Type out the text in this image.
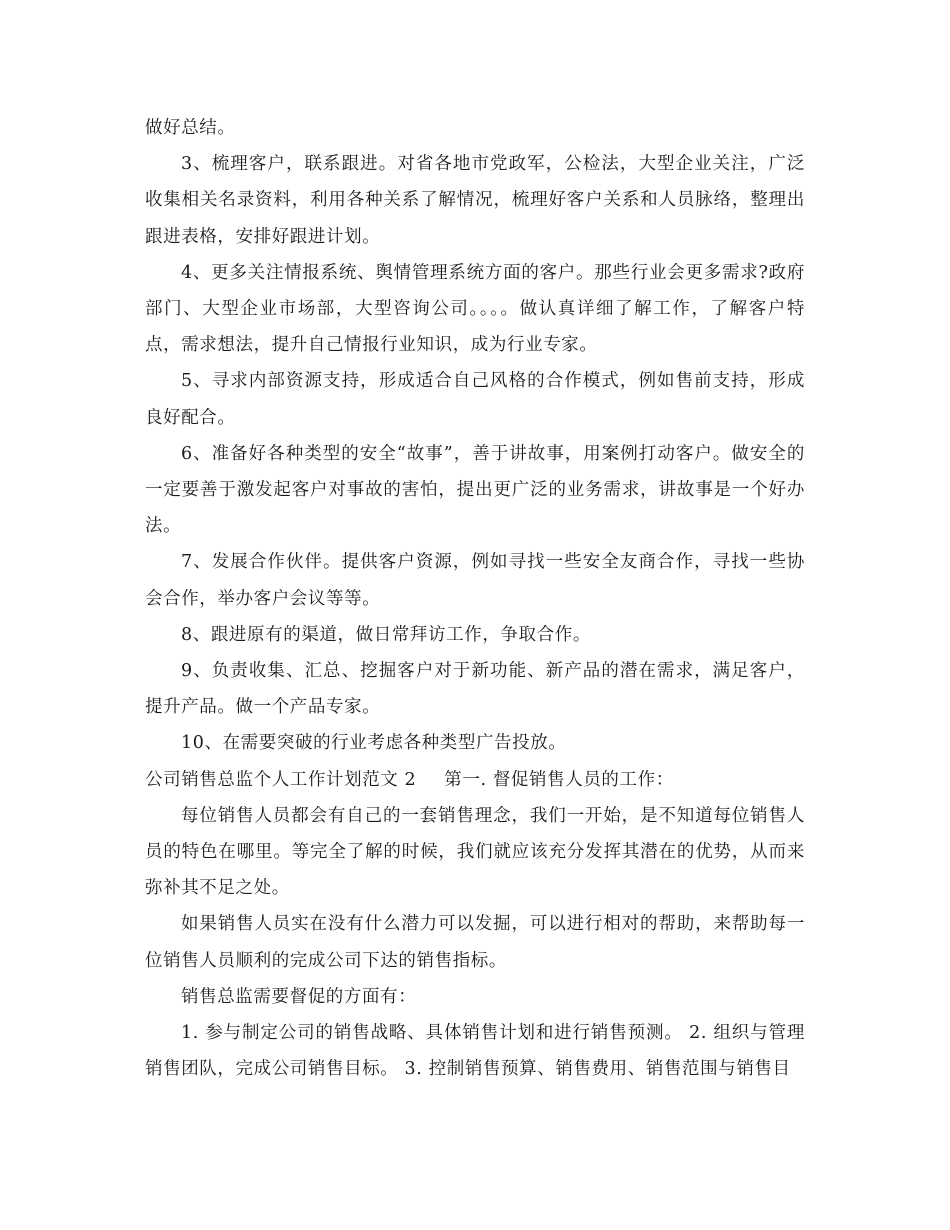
做好总结。

3、梳理客户，联系跟进。对省各地市党政军，公检法，大型企业关注，广泛收集相关名录资料，利用各种关系了解情况，梳理好客户关系和人员脉络，整理出跟进表格，安排好跟进计划。

4、更多关注情报系统、舆情管理系统方面的客户。那些行业会更多需求?政府部门、大型企业市场部，大型咨询公司。。。。做认真详细了解工作，了解客户特点，需求想法，提升自己情报行业知识，成为行业专家。

5、寻求内部资源支持，形成适合自己风格的合作模式，例如售前支持，形成良好配合。

6、准备好各种类型的安全“故事”，善于讲故事，用案例打动客户。做安全的一定要善于激发起客户对事故的害怕，提出更广泛的业务需求，讲故事是一个好办法。

7、发展合作伙伴。提供客户资源，例如寻找一些安全友商合作，寻找一些协会合作，举办客户会议等等。

8、跟进原有的渠道，做日常拜访工作，争取合作。

9、负责收集、汇总、挖掘客户对于新功能、新产品的潜在需求，满足客户，提升产品。做一个产品专家。

10、在需要突破的行业考虑各种类型广告投放。

公司销售总监个人工作计划范文 2 第一. 督促销售人员的工作：

每位销售人员都会有自己的一套销售理念，我们一开始，是不知道每位销售人员的特色在哪里。等完全了解的时候，我们就应该充分发挥其潜在的优势，从而来弥补其不足之处。

如果销售人员实在没有什么潜力可以发掘，可以进行相对的帮助，来帮助每一位销售人员顺利的完成公司下达的销售指标。

销售总监需要督促的方面有：

1. 参与制定公司的销售战略、具体销售计划和进行销售预测。 2. 组织与管理销售团队，完成公司销售目标。 3. 控制销售预算、销售费用、销售范围与销售目
